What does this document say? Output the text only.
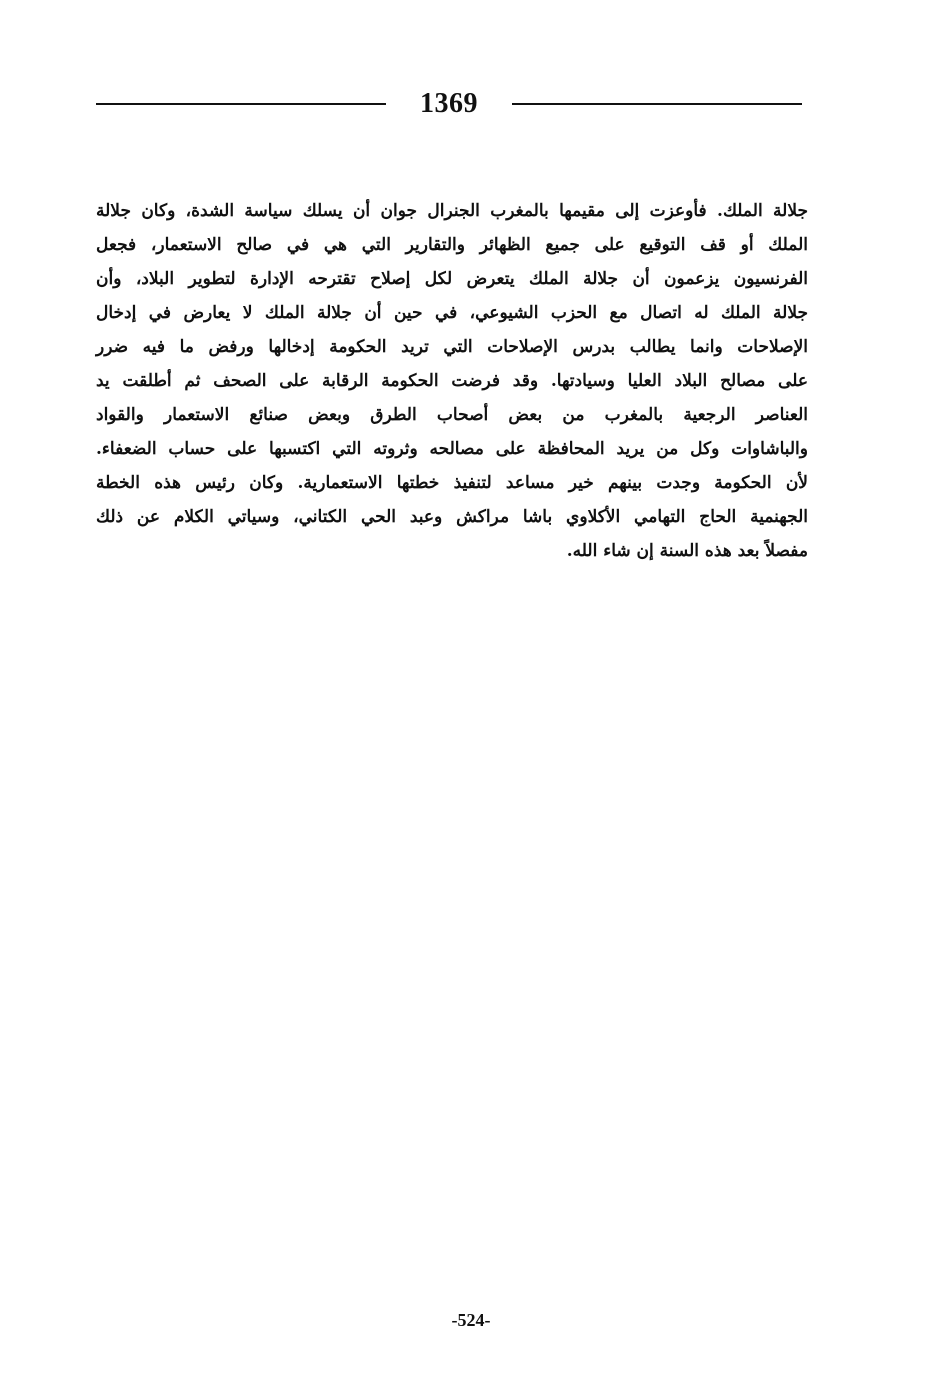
1369
جلالة الملك. فأوعزت إلى مقيمها بالمغرب الجنرال جوان أن يسلك سياسة الشدة، وكان جلالة
الملك أو قف التوقيع على جميع الظهائر والتقارير التي هي في صالح الاستعمار، فجعل
الفرنسيون يزعمون أن جلالة الملك يتعرض لكل إصلاح تقترحه الإدارة لتطوير البلاد، وأن
جلالة الملك له اتصال مع الحزب الشيوعي، في حين أن جلالة الملك لا يعارض في إدخال
الإصلاحات وانما يطالب بدرس الإصلاحات التي تريد الحكومة إدخالها ورفض ما فيه ضرر
على مصالح البلاد العليا وسيادتها. وقد فرضت الحكومة الرقابة على الصحف ثم أطلقت يد
العناصر الرجعية بالمغرب من بعض أصحاب الطرق وبعض صنائع الاستعمار والقواد
والباشاوات وكل من يريد المحافظة على مصالحه وثروته التي اكتسبها على حساب الضعفاء.
لأن الحكومة وجدت بينهم خير مساعد لتنفيذ خطتها الاستعمارية. وكان رئيس هذه الخطة
الجهنمية الحاج التهامي الأكلاوي باشا مراكش وعبد الحي الكتاني، وسياتي الكلام عن ذلك
مفصلاً بعد هذه السنة إن شاء الله.
-524-
